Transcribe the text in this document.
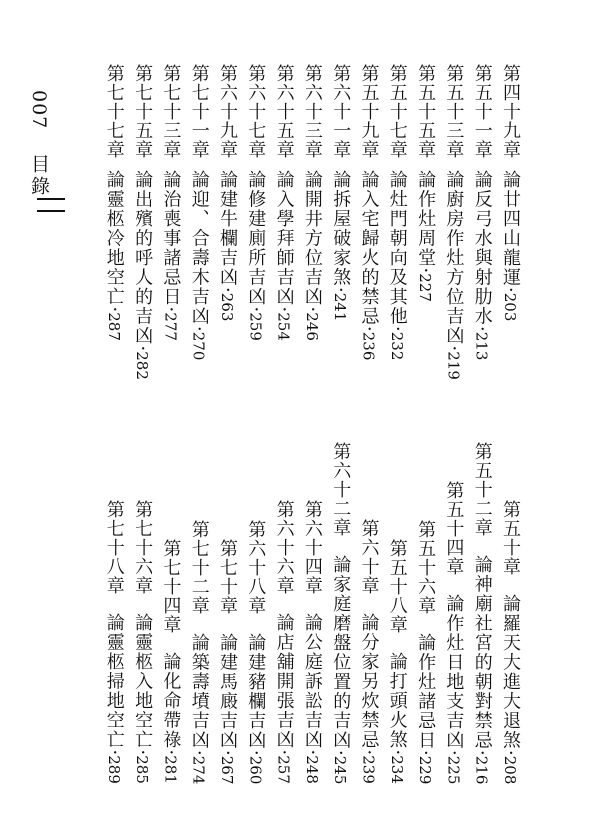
007
目錄
第四十九章論廿四山龍運·203
第五十一章論反弓水與射肋水·213
第五十三章論廚房作灶方位吉凶·219
第五十五章論作灶周堂·227
第五十七章論灶門朝向及其他·232
第五十九章論入宅歸火的禁忌·236
第六十一章論拆屋破家煞·241
第六十三章論開井方位吉凶·246
第六十五章論入學拜師吉凶·254
第六十七章論修建廁所吉凶·259
第六十九章論建牛欄吉凶·263
第七十一章論迎、合壽木吉凶·270
第七十三章論治喪事諸忌日·277
第七十五章論出殯的呼人的吉凶·282
第七十七章論靈柩冷地空亡·287
第五十章論羅天大進大退煞·208
第五十二章論神廟社宮的朝對禁忌·216
第五十四章論作灶日地支吉凶·225
第五十六章論作灶諸忌日·229
第五十八章論打頭火煞·234
第六十章論分家另炊禁忌·239
第六十二章論家庭磨盤位置的吉凶·245
第六十四章論公庭訴訟吉凶·248
第六十六章論店舖開張吉凶·257
第六十八章論建豬欄吉凶·260
第七十章論建馬廄吉凶·267
第七十二章論築壽墳吉凶·274
第七十四章論化命帶祿·281
第七十六章論靈柩入地空亡·285
第七十八章論靈柩掃地空亡·289
